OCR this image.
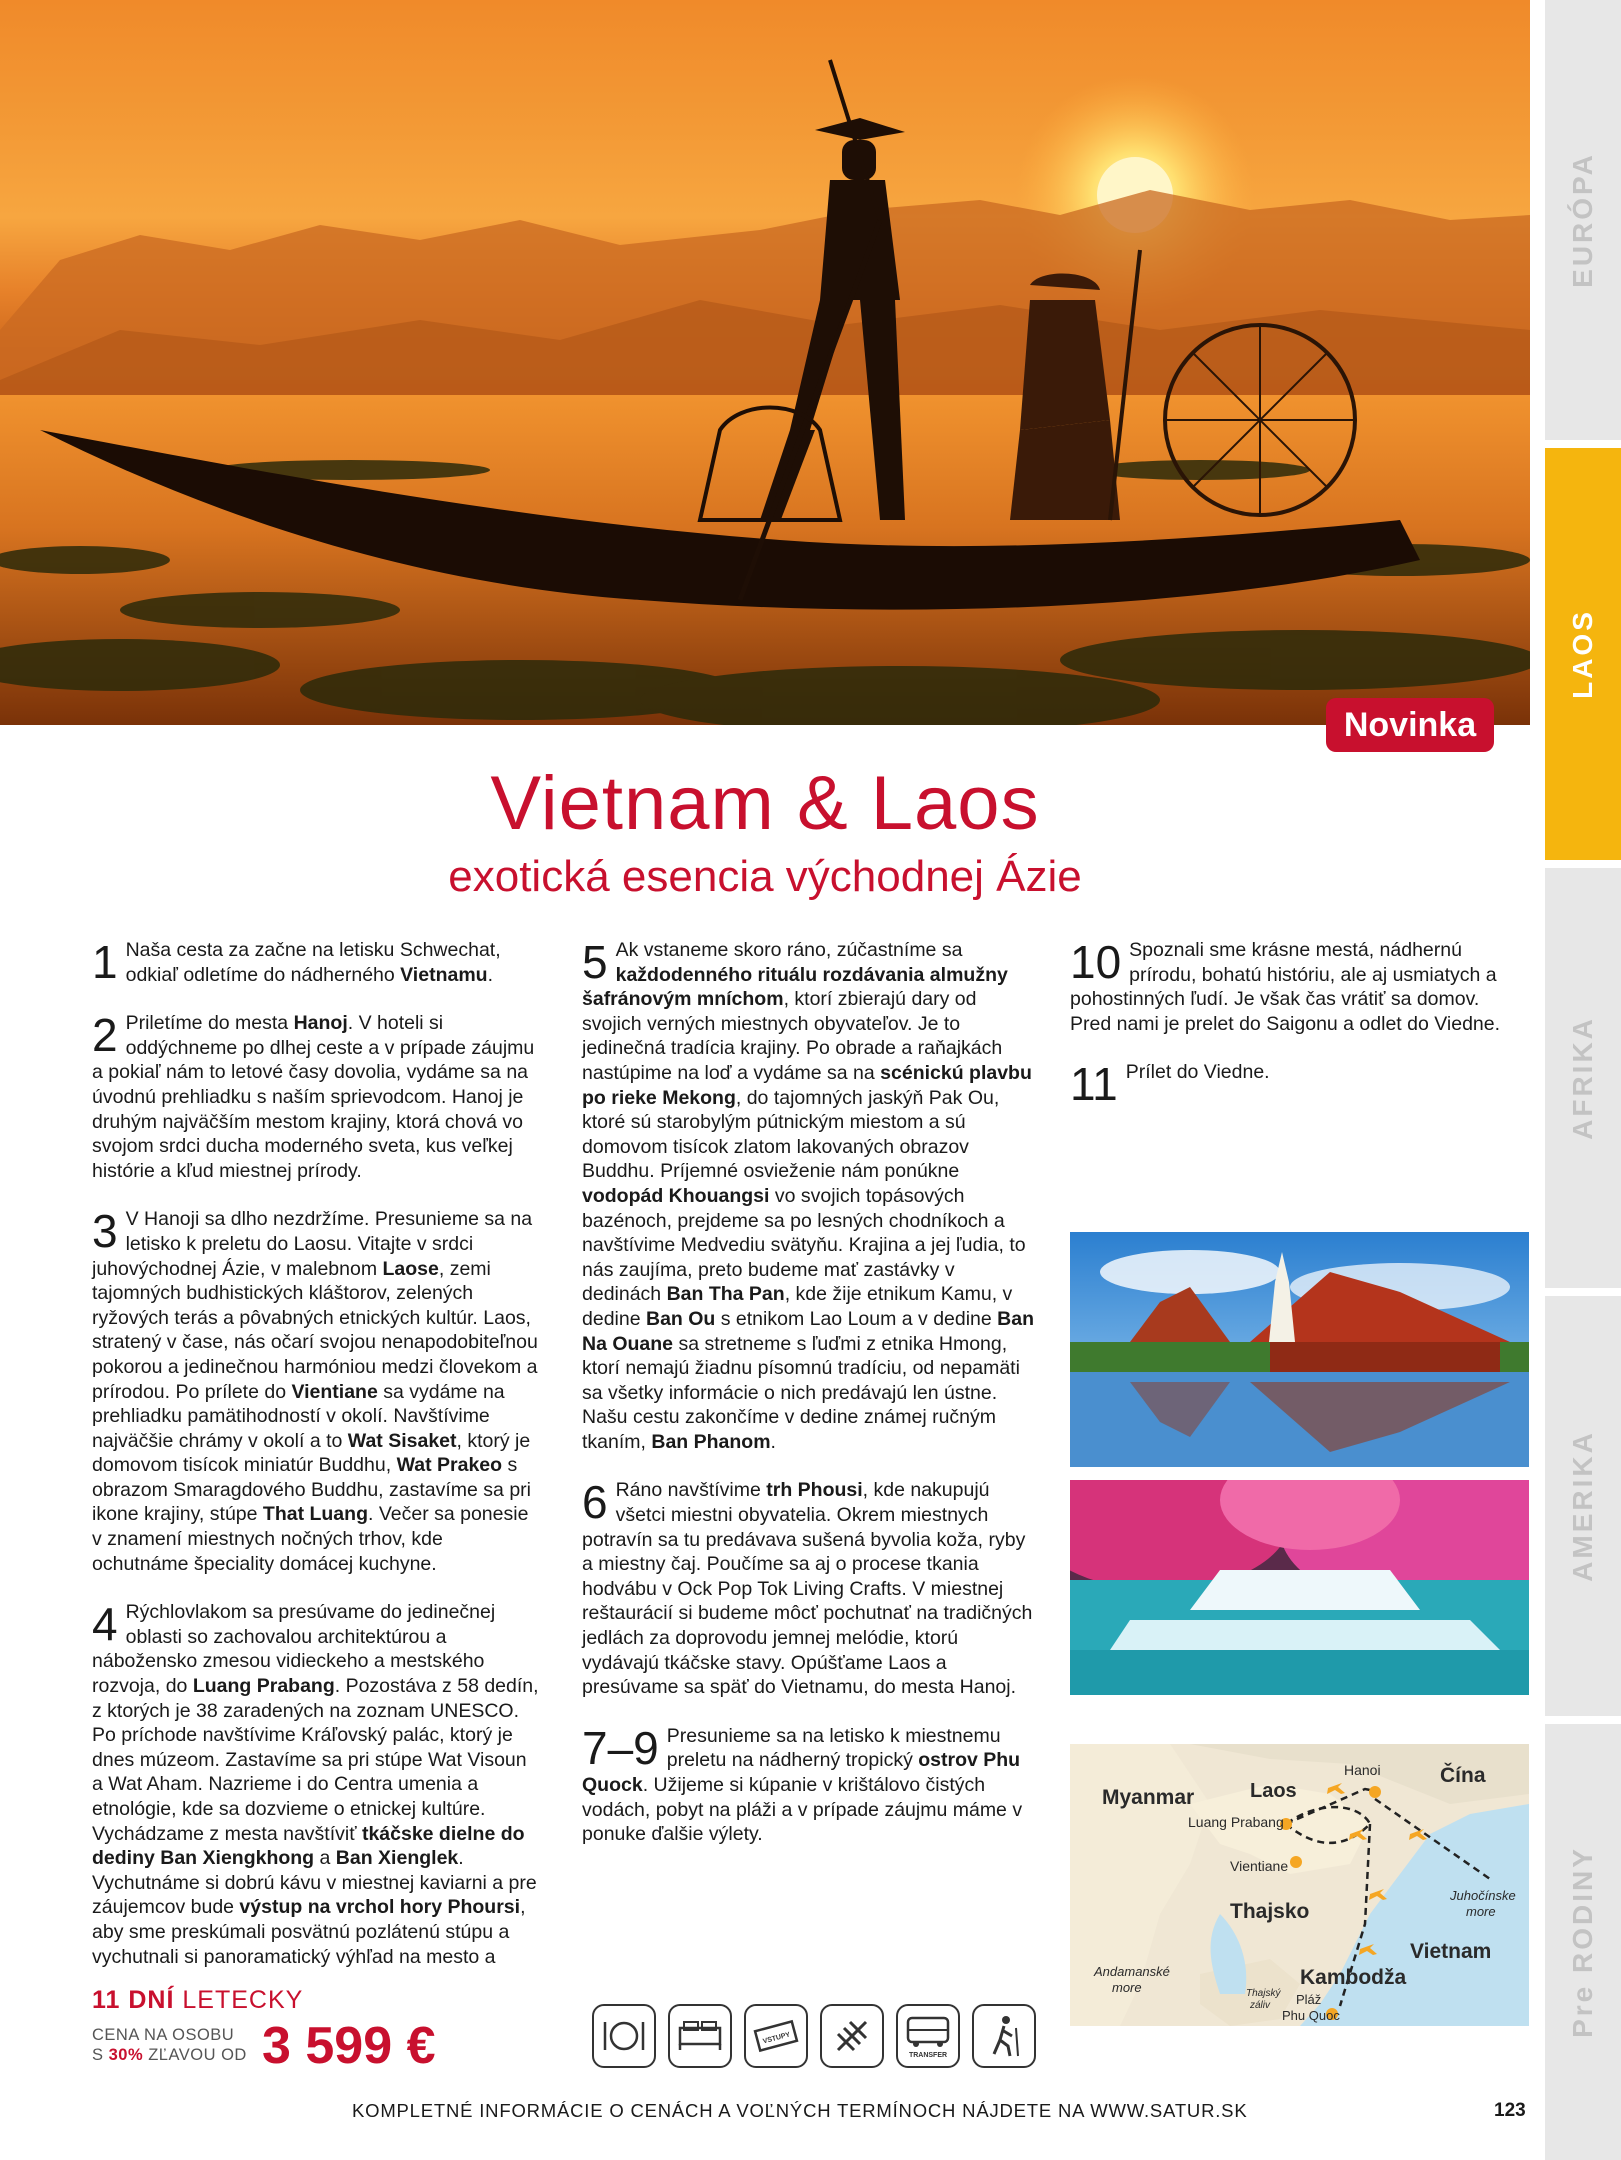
Novinka
EURÓPA
LAOS
AFRIKA
AMERIKA
Pre RODINY
Vietnam & Laos
exotická esencia východnej Ázie
1 Naša cesta za začne na letisku Schwechat, odkiaľ odletíme do nádherného Vietnamu.
2 Priletíme do mesta Hanoj. V hoteli si oddýchneme po dlhej ceste a v prípade záujmu a pokiaľ nám to letové časy dovolia, vydáme sa na úvodnú prehliadku s naším sprievodcom. Hanoj je druhým najväčším mestom krajiny, ktorá chová vo svojom srdci ducha moderného sveta, kus veľkej histórie a kľud miestnej prírody.
3 V Hanoji sa dlho nezdržíme. Presunieme sa na letisko k preletu do Laosu. Vitajte v srdci juhovýchodnej Ázie, v malebnom Laose, zemi tajomných budhistických kláštorov, zelených ryžových terás a pôvabných etnických kultúr. Laos, stratený v čase, nás očarí svojou nenapodobiteľnou pokorou a jedinečnou harmóniou medzi človekom a prírodou. Po prílete do Vientiane sa vydáme na prehliadku pamätihodností v okolí. Navštívime najväčšie chrámy v okolí a to Wat Sisaket, ktorý je domovom tisícok miniatúr Buddhu, Wat Prakeo s obrazom Smaragdového Buddhu, zastavíme sa pri ikone krajiny, stúpe That Luang. Večer sa ponesie v znamení miestnych nočných trhov, kde ochutnáme špeciality domácej kuchyne.
4 Rýchlovlakom sa presúvame do jedinečnej oblasti so zachovalou architektúrou a nábožensko zmesou vidieckeho a mestského rozvoja, do Luang Prabang. Pozostáva z 58 dedín, z ktorých je 38 zaradených na zoznam UNESCO. Po príchode navštívime Kráľovský palác, ktorý je dnes múzeom. Zastavíme sa pri stúpe Wat Visoun a Wat Aham. Nazrieme i do Centra umenia a etnológie, kde sa dozvieme o etnickej kultúre. Vychádzame z mesta navštíviť tkáčske dielne do dediny Ban Xiengkhong a Ban Xienglek. Vychutnáme si dobrú kávu v miestnej kaviarni a pre záujemcov bude výstup na vrchol hory Phoursi, aby sme preskúmali posvätnú pozlátenú stúpu a vychutnali si panoramatický výhľad na mesto a
5 Ak vstaneme skoro ráno, zúčastníme sa každodenného rituálu rozdávania almužny šafránovým mníchom, ktorí zbierajú dary od svojich verných miestnych obyvateľov. Je to jedinečná tradícia krajiny. Po obrade a raňajkách nastúpime na loď a vydáme sa na scénickú plavbu po rieke Mekong, do tajomných jaskýň Pak Ou, ktoré sú starobylým pútnickým miestom a sú domovom tisícok zlatom lakovaných obrazov Buddhu. Príjemné osvieženie nám ponúkne vodopád Khouangsi vo svojich topásových bazénoch, prejdeme sa po lesných chodníkoch a navštívime Medvediu svätyňu. Krajina a jej ľudia, to nás zaujíma, preto budeme mať zastávky v dedinách Ban Tha Pan, kde žije etnikum Kamu, v dedine Ban Ou s etnikom Lao Loum a v dedine Ban Na Ouane sa stretneme s ľuďmi z etnika Hmong, ktorí nemajú žiadnu písomnú tradíciu, od nepamäti sa všetky informácie o nich predávajú len ústne. Našu cestu zakončíme v dedine známej ručným tkaním, Ban Phanom.
6 Ráno navštívime trh Phousi, kde nakupujú všetci miestni obyvatelia. Okrem miestnych potravín sa tu predávava sušená byvolia koža, ryby a miestny čaj. Poučíme sa aj o procese tkania hodvábu v Ock Pop Tok Living Crafts. V miestnej reštaurácií si budeme môcť pochutnať na tradičných jedlách za doprovodu jemnej melódie, ktorú vydávajú tkáčske stavy. Opúšťame Laos a presúvame sa späť do Vietnamu, do mesta Hanoj.
7–9 Presunieme sa na letisko k miestnemu preletu na nádherný tropický ostrov Phu Quock. Užijeme si kúpanie v krištálovo čistých vodách, pobyt na pláži a v prípade záujmu máme v ponuke ďalšie výlety.
10 Spoznali sme krásne mestá, nádhernú prírodu, bohatú históriu, ale aj usmiatych a pohostinných ľudí. Je však čas vrátiť sa domov. Pred nami je prelet do Saigonu a odlet do Viedne.
11 Prílet do Viedne.
Myanmar	Laos
Čína
Hanoi
Luang Prabang
Vientiane
Thajsko
Juhočínske
more
Vietnam
Andamanské
more	Kambodža
Thajský
záliv Pláž
Phu Quoc
11 DNÍ LETECKY
CENA NA OSOBU
S 30% ZĽAVOU OD 3 599 €	VSTUPY
TRANSFER
KOMPLETNÉ INFORMÁCIE O CENÁCH A VOĽNÝCH TERMÍNOCH NÁJDETE NA WWW.SATUR.SK	123
